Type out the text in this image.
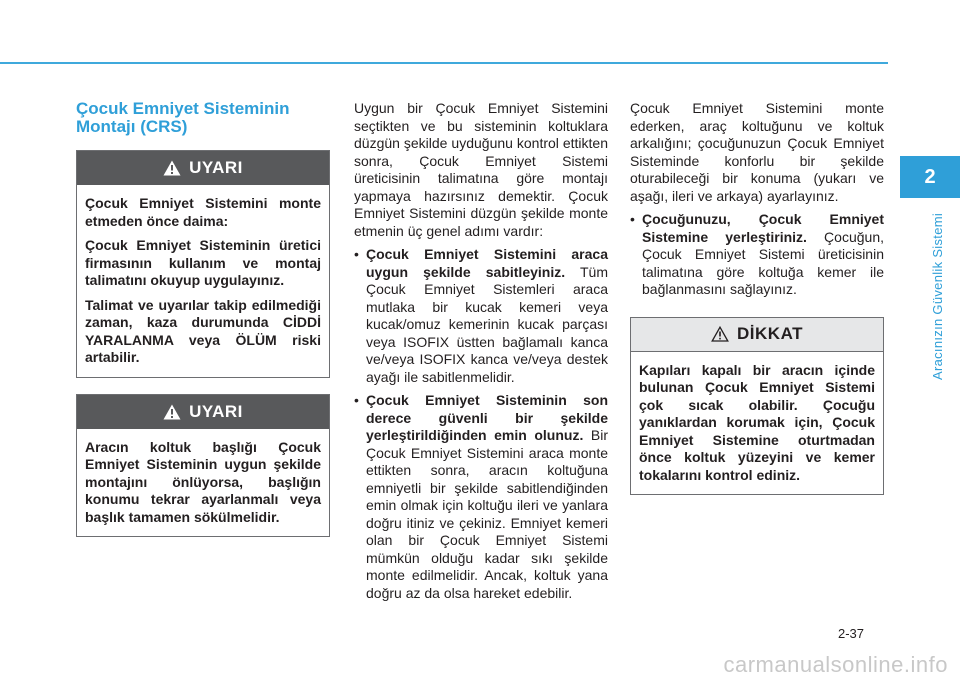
Çocuk Emniyet Sisteminin
Montajı (CRS)
UYARI

Çocuk Emniyet Sistemini monte etmeden önce daima:

Çocuk Emniyet Sisteminin üretici firmasının kullanım ve montaj talimatını okuyup uygulayınız.

Talimat ve uyarılar takip edilmediği zaman, kaza durumunda CİDDİ YARALANMA veya ÖLÜM riski artabilir.

UYARI

Aracın koltuk başlığı Çocuk Emniyet Sisteminin uygun şekilde montajını önlüyorsa, başlığın konumu tekrar ayarlanmalı veya başlık tamamen sökülmelidir.

Uygun bir Çocuk Emniyet Sistemini seçtikten ve bu sisteminin koltuklara düzgün şekilde uyduğunu kontrol ettikten sonra, Çocuk Emniyet Sistemi üreticisinin talimatına göre montajı yapmaya hazırsınız demektir. Çocuk Emniyet Sistemini düzgün şekilde monte etmenin üç genel adımı vardır:

• Çocuk Emniyet Sistemini araca uygun şekilde sabitleyiniz. Tüm Çocuk Emniyet Sistemleri araca mutlaka bir kucak kemeri veya kucak/omuz kemerinin kucak parçası veya ISOFIX üstten bağlamalı kanca ve/veya ISOFIX kanca ve/veya destek ayağı ile sabitlenmelidir.
• Çocuk Emniyet Sisteminin son derece güvenli bir şekilde yerleştirildiğinden emin olunuz. Bir Çocuk Emniyet Sistemini araca monte ettikten sonra, aracın koltuğuna emniyetli bir şekilde sabitlendiğinden emin olmak için koltuğu ileri ve yanlara doğru itiniz ve çekiniz. Emniyet kemeri olan bir Çocuk Emniyet Sistemi mümkün olduğu kadar sıkı şekilde monte edilmelidir. Ancak, koltuk yana doğru az da olsa hareket edebilir.

Çocuk Emniyet Sistemini monte ederken, araç koltuğunu ve koltuk arkalığını; çocuğunuzun Çocuk Emniyet Sisteminde konforlu bir şekilde oturabileceği bir konuma (yukarı ve aşağı, ileri ve arkaya) ayarlayınız.

• Çocuğunuzu, Çocuk Emniyet Sistemine yerleştiriniz. Çocuğun, Çocuk Emniyet Sistemi üreticisinin talimatına göre koltuğa kemer ile bağlanmasını sağlayınız.
DİKKAT

Kapıları kapalı bir aracın içinde bulunan Çocuk Emniyet Sistemi çok sıcak olabilir. Çocuğu yanıklardan korumak için, Çocuk Emniyet Sistemine oturtmadan önce koltuk yüzeyini ve kemer tokalarını kontrol ediniz.

2
Aracınızın Güvenlik Sistemi
2-37
carmanualsonline.info
